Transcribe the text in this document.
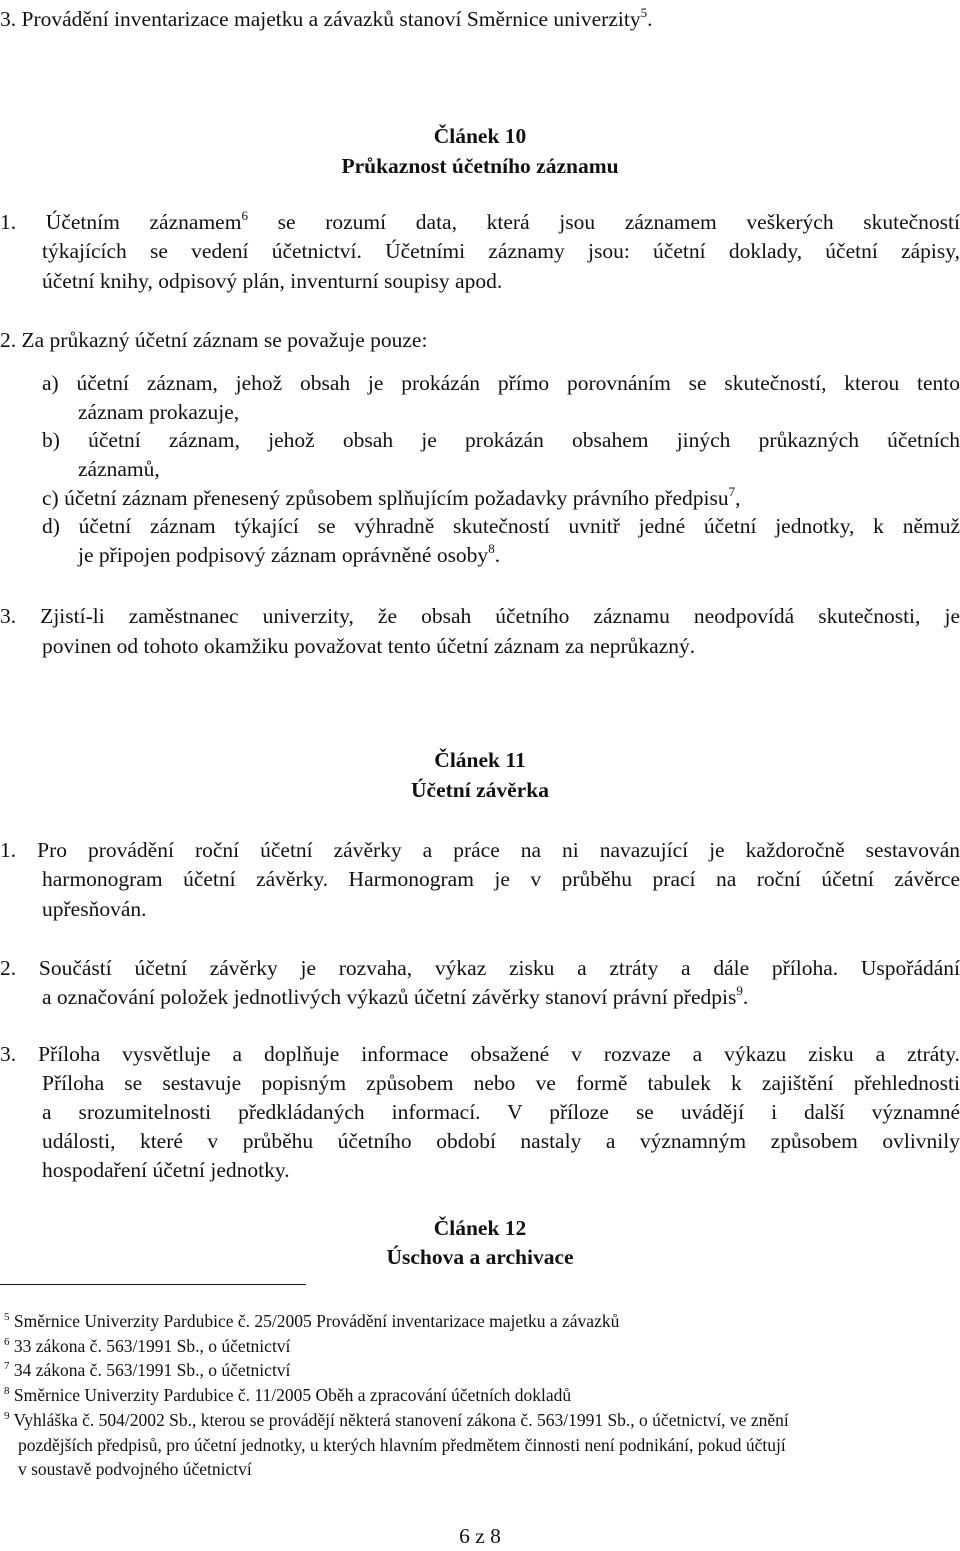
3. Provádění inventarizace majetku a závazků stanoví Směrnice univerzity$^5$.
Článek 10
Průkaznost účetního záznamu
1. Účetním záznamem$^6$ se rozumí data, která jsou záznamem veškerých skutečností
týkajících se vedení účetnictví. Účetními záznamy jsou: účetní doklady, účetní zápisy,
účetní knihy, odpisový plán, inventurní soupisy apod.
2. Za průkazný účetní záznam se považuje pouze:
a) účetní záznam, jehož obsah je prokázán přímo porovnáním se skutečností, kterou tento
záznam prokazuje,
b) účetní záznam, jehož obsah je prokázán obsahem jiných průkazných účetních
záznamů,
c) účetní záznam přenesený způsobem splňujícím požadavky právního předpisu$^7$,
d) účetní záznam týkající se výhradně skutečností uvnitř jedné účetní jednotky, k němuž
je připojen podpisový záznam oprávněné osoby$^8$.
3. Zjistí-li zaměstnanec univerzity, že obsah účetního záznamu neodpovídá skutečnosti, je
povinen od tohoto okamžiku považovat tento účetní záznam za neprůkazný.
Článek 11
Účetní závěrka
1. Pro provádění roční účetní závěrky a práce na ni navazující je každoročně sestavován
harmonogram účetní závěrky. Harmonogram je v průběhu prací na roční účetní závěrce
upřesňován.
2. Součástí účetní závěrky je rozvaha, výkaz zisku a ztráty a dále příloha. Uspořádání
a označování položek jednotlivých výkazů účetní závěrky stanoví právní předpis$^9$.
3. Příloha vysvětluje a doplňuje informace obsažené v rozvaze a výkazu zisku a ztráty.
Příloha se sestavuje popisným způsobem nebo ve formě tabulek k zajištění přehlednosti
a srozumitelnosti předkládaných informací. V příloze se uvádějí i další významné
události, které v průběhu účetního období nastaly a významným způsobem ovlivnily
hospodaření účetní jednotky.
Článek 12
Úschova a archivace
$^5$ Směrnice Univerzity Pardubice č. 25/2005 Provádění inventarizace majetku a závazků
$^6$ 33 zákona č. 563/1991 Sb., o účetnictví
$^7$ 34 zákona č. 563/1991 Sb., o účetnictví
$^8$ Směrnice Univerzity Pardubice č. 11/2005 Oběh a zpracování účetních dokladů
$^9$ Vyhláška č. 504/2002 Sb., kterou se provádějí některá stanovení zákona č. 563/1991 Sb., o účetnictví, ve znění
pozdějších předpisů, pro účetní jednotky, u kterých hlavním předmětem činnosti není podnikání, pokud účtují
v soustavě podvojného účetnictví
6 z 8
